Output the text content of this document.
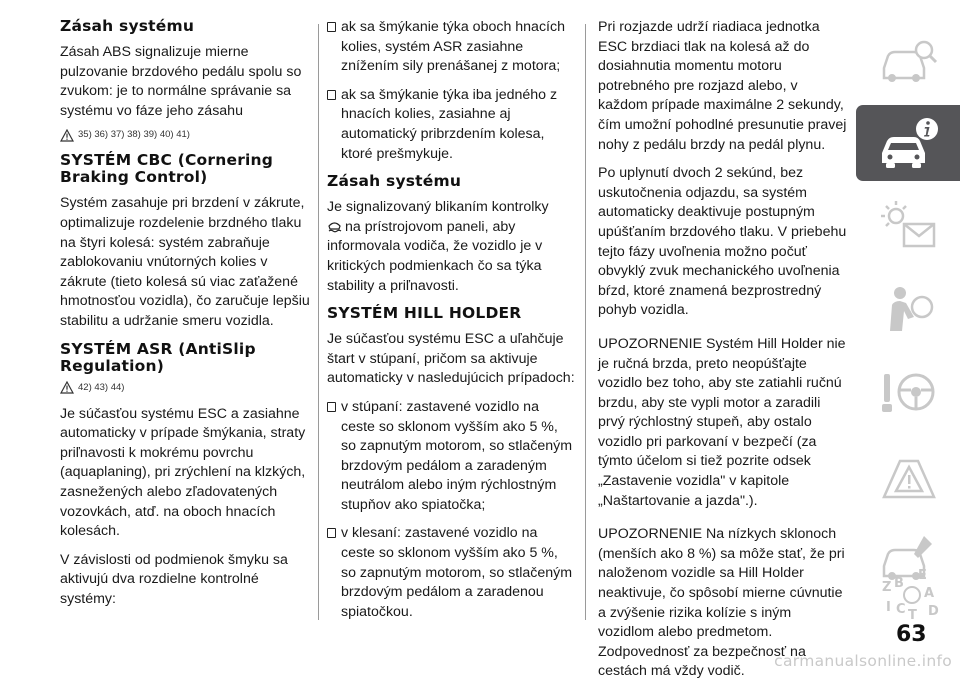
Zásah systému

Zásah ABS signalizuje mierne pulzovanie brzdového pedálu spolu so zvukom: je to normálne správanie sa systému vo fáze jeho zásahu

35) 36) 37) 38) 39) 40) 41)
SYSTÉM CBC (Cornering Braking Control)

Systém zasahuje pri brzdení v zákrute, optimalizuje rozdelenie brzdného tlaku na štyri kolesá: systém zabraňuje zablokovaniu vnútorných kolies v zákrute (tieto kolesá sú viac zaťažené hmotnosťou vozidla), čo zaručuje lepšiu stabilitu a udržanie smeru vozidla.

SYSTÉM ASR (AntiSlip Regulation)
42) 43) 44)

Je súčasťou systému ESC a zasiahne automaticky v prípade šmýkania, straty priľnavosti k mokrému povrchu (aquaplaning), pri zrýchlení na klzkých, zasnežených alebo zľadovatených vozovkách, atď. na oboch hnacích kolesách.

V závislosti od podmienok šmyku sa aktivujú dva rozdielne kontrolné systémy:

ak sa šmýkanie týka oboch hnacích kolies, systém ASR zasiahne znížením sily prenášanej z motora;
ak sa šmýkanie týka iba jedného z hnacích kolies, zasiahne aj automatický pribrzdením kolesa, ktoré prešmykuje.
Zásah systému

Je signalizovaný blikaním kontrolky
na prístrojovom paneli, aby informovala vodiča, že vozidlo je v kritických podmienkach čo sa týka stability a priľnavosti.

SYSTÉM HILL HOLDER

Je súčasťou systému ESC a uľahčuje štart v stúpaní, pričom sa aktivuje automaticky v nasledujúcich prípadoch:

v stúpaní: zastavené vozidlo na ceste so sklonom vyšším ako 5 %, so zapnutým motorom, so stlačeným brzdovým pedálom a zaradeným neutrálom alebo iným rýchlostným stupňov ako spiatočka;
v klesaní: zastavené vozidlo na ceste so sklonom vyšším ako 5 %, so zapnutým motorom, so stlačeným brzdovým pedálom a zaradenou spiatočkou.

Pri rozjazde udrží riadiaca jednotka ESC brzdiaci tlak na kolesá až do dosiahnutia momentu motoru potrebného pre rozjazd alebo, v každom prípade maximálne 2 sekundy, čím umožní pohodlné presunutie pravej nohy z pedálu brzdy na pedál plynu.

Po uplynutí dvoch 2 sekúnd, bez uskutočnenia odjazdu, sa systém automaticky deaktivuje postupným upúšťaním brzdového tlaku. V priebehu tejto fázy uvoľnenia možno počuť obvyklý zvuk mechanického uvoľnenia bŕzd, ktoré znamená bezprostredný pohyb vozidla.

UPOZORNENIE Systém Hill Holder nie je ručná brzda, preto neopúšťajte vozidlo bez toho, aby ste zatiahli ručnú brzdu, aby ste vypli motor a zaradili prvý rýchlostný stupeň, aby ostalo vozidlo pri parkovaní v bezpečí (za týmto účelom si tiež pozrite odsek „Zastavenie vozidla" v kapitole „Naštartovanie a jazda".).

UPOZORNENIE Na nízkych sklonoch (menších ako 8 %) sa môže stať, že pri naloženom vozidle sa Hill Holder neaktivuje, čo spôsobí mierne cúvnutie a zvýšenie rizika kolízie s iným vozidlom alebo predmetom. Zodpovednosť za bezpečnosť na cestách má vždy vodič.

Z B
E
A
I C T D
63
carmanualsonline.info
